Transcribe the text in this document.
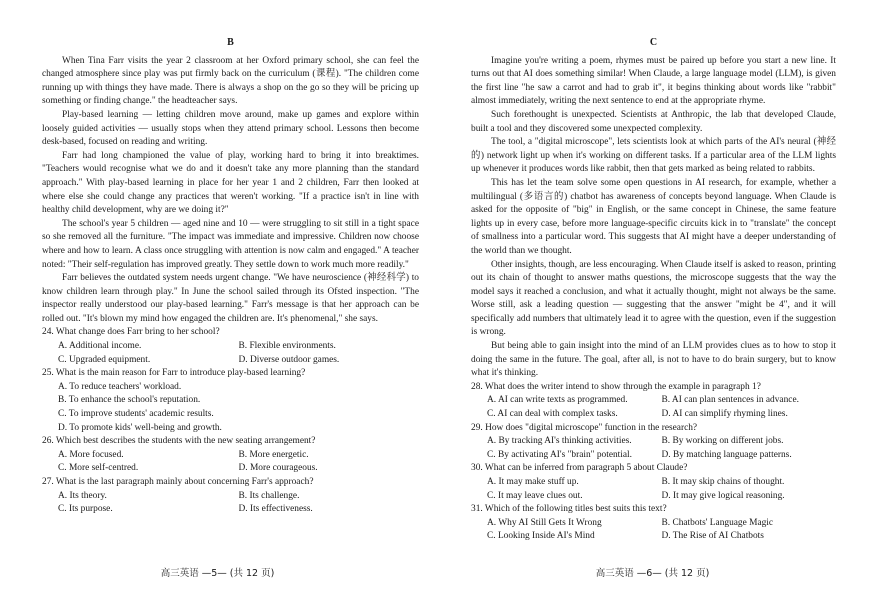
B

When Tina Farr visits the year 2 classroom at her Oxford primary school, she can feel the changed atmosphere since play was put firmly back on the curriculum (课程). "The children come running up with things they have made. There is always a shop on the go so they will be pricing up something or finding change." the headteacher says.

Play-based learning — letting children move around, make up games and explore within loosely guided activities — usually stops when they attend primary school. Lessons then become desk-based, focused on reading and writing.

Farr had long championed the value of play, working hard to bring it into breaktimes. "Teachers would recognise what we do and it doesn't take any more planning than the standard approach." With play-based learning in place for her year 1 and 2 children, Farr then looked at where else she could change any practices that weren't working. "If a practice isn't in line with healthy child development, why are we doing it?"

The school's year 5 children — aged nine and 10 — were struggling to sit still in a tight space so she removed all the furniture. "The impact was immediate and impressive. Children now choose where and how to learn. A class once struggling with attention is now calm and engaged." A teacher noted: "Their self-regulation has improved greatly. They settle down to work much more readily."

Farr believes the outdated system needs urgent change. "We have neuroscience (神经科学) to know children learn through play." In June the school sailed through its Ofsted inspection. "The inspector really understood our play-based learning." Farr's message is that her approach can be rolled out. "It's blown my mind how engaged the children are. It's phenomenal," she says.

24. What change does Farr bring to her school?

A. Additional income.	B. Flexible environments.
C. Upgraded equipment.	D. Diverse outdoor games.

25. What is the main reason for Farr to introduce play-based learning?

A. To reduce teachers' workload.
B. To enhance the school's reputation.
C. To improve students' academic results.
D. To promote kids' well-being and growth.

26. Which best describes the students with the new seating arrangement?

A. More focused.	B. More energetic.
C. More self-centred.	D. More courageous.

27. What is the last paragraph mainly about concerning Farr's approach?

A. Its theory.	B. Its challenge.
C. Its purpose.	D. Its effectiveness.
高三英语 —5— (共 12 页)
C

Imagine you're writing a poem, rhymes must be paired up before you start a new line. It turns out that AI does something similar! When Claude, a large language model (LLM), is given the first line "he saw a carrot and had to grab it", it begins thinking about words like "rabbit" almost immediately, writing the next sentence to end at the appropriate rhyme.

Such forethought is unexpected. Scientists at Anthropic, the lab that developed Claude, built a tool and they discovered some unexpected complexity.

The tool, a "digital microscope", lets scientists look at which parts of the AI's neural (神经的) network light up when it's working on different tasks. If a particular area of the LLM lights up whenever it produces words like rabbit, then that gets marked as being related to rabbits.

This has let the team solve some open questions in AI research, for example, whether a multilingual (多语言的) chatbot has awareness of concepts beyond language. When Claude is asked for the opposite of "big" in English, or the same concept in Chinese, the same feature lights up in every case, before more language-specific circuits kick in to "translate" the concept of smallness into a particular word. This suggests that AI might have a deeper understanding of the world than we thought.

Other insights, though, are less encouraging. When Claude itself is asked to reason, printing out its chain of thought to answer maths questions, the microscope suggests that the way the model says it reached a conclusion, and what it actually thought, might not always be the same. Worse still, ask a leading question — suggesting that the answer "might be 4", and it will specifically add numbers that ultimately lead it to agree with the question, even if the suggestion is wrong.

But being able to gain insight into the mind of an LLM provides clues as to how to stop it doing the same in the future. The goal, after all, is not to have to do brain surgery, but to know what it's thinking.

28. What does the writer intend to show through the example in paragraph 1?

A. AI can write texts as programmed.	B. AI can plan sentences in advance.
C. AI can deal with complex tasks.	D. AI can simplify rhyming lines.

29. How does "digital microscope" function in the research?

A. By tracking AI's thinking activities.	B. By working on different jobs.
C. By activating AI's "brain" potential.	D. By matching language patterns.

30. What can be inferred from paragraph 5 about Claude?

A. It may make stuff up.	B. It may skip chains of thought.
C. It may leave clues out.	D. It may give logical reasoning.

31. Which of the following titles best suits this text?

A. Why AI Still Gets It Wrong	B. Chatbots' Language Magic
C. Looking Inside AI's Mind	D. The Rise of AI Chatbots
高三英语 —6— (共 12 页)
